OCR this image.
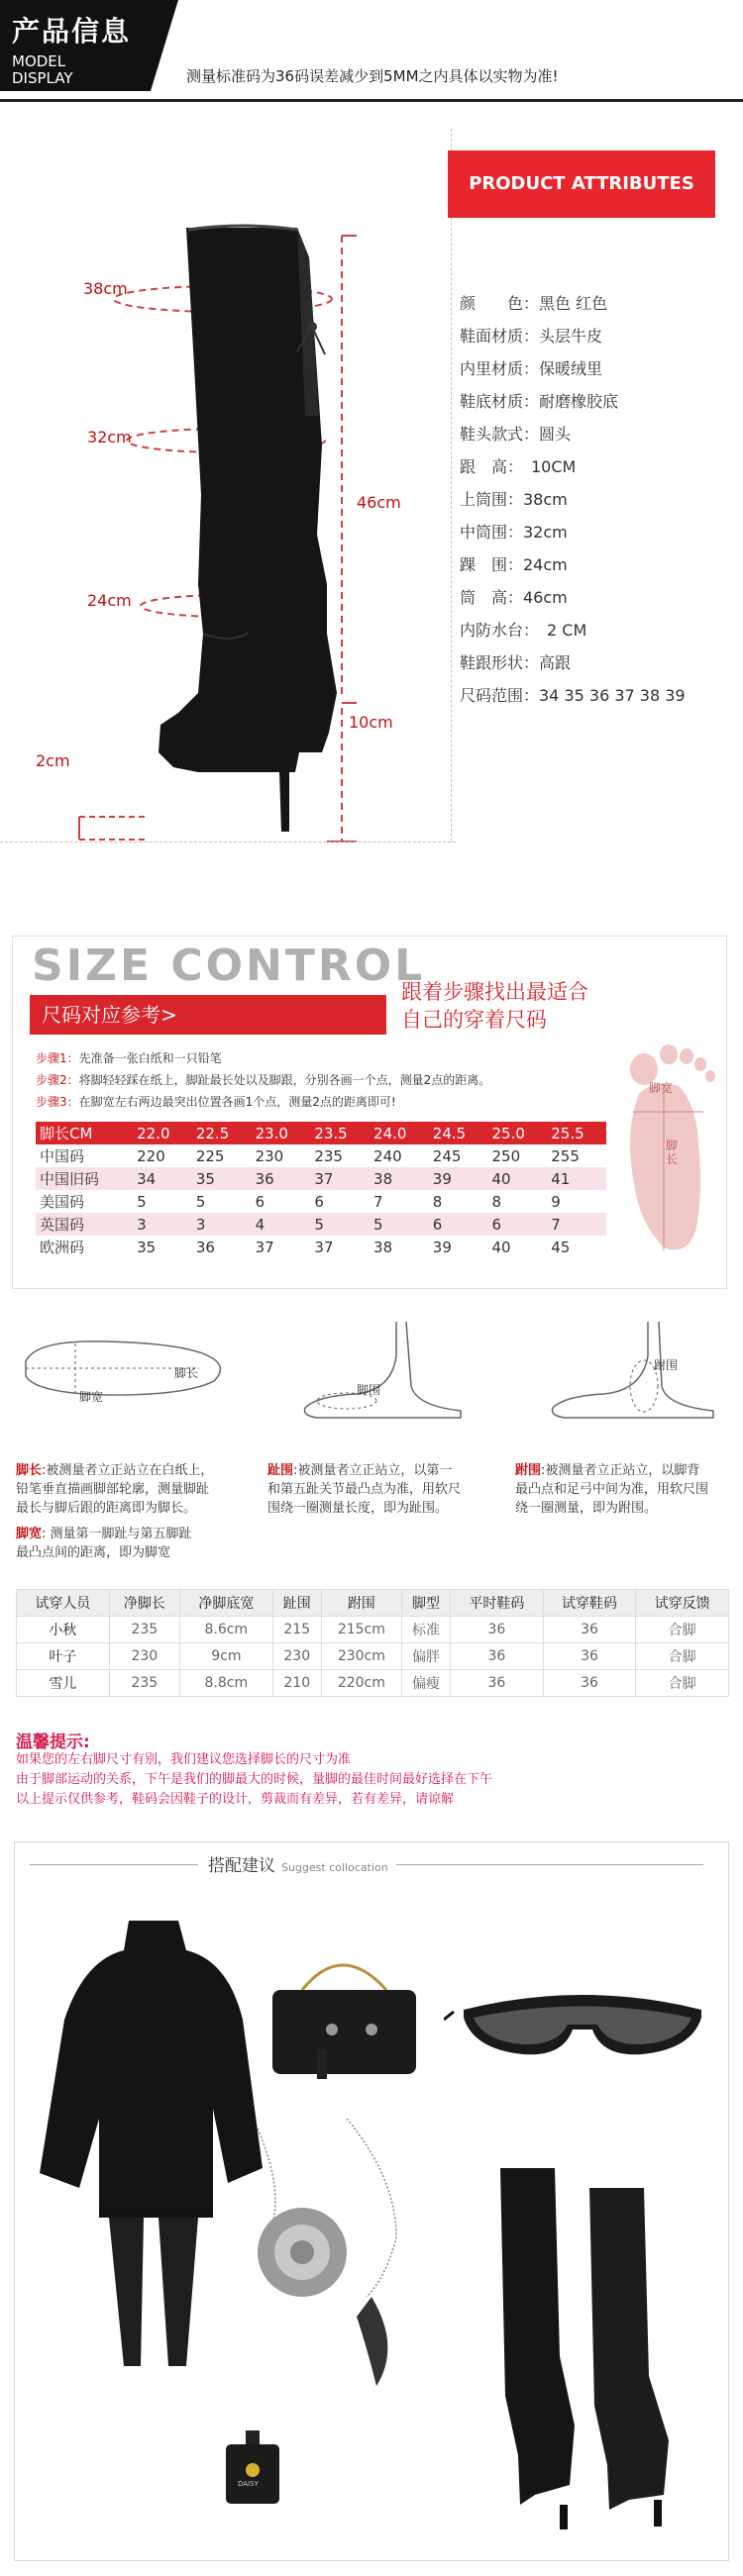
产品信息
MODEL
DISPLAY	测量标准码为36码误差减少到5MM之内具体以实物为准!
38cm
32cm
24cm
46cm
10cm
2cm
PRODUCT ATTRIBUTES
颜　　色：黑色 红色
鞋面材质：头层牛皮
内里材质：保暖绒里
鞋底材质：耐磨橡胶底
鞋头款式：圆头
跟　高：　10CM
上筒围：38cm
中筒围：32cm
踝　围：24cm
筒　高：46cm
内防水台：　2 CM
鞋跟形状：高跟
尺码范围：34 35 36 37 38 39
SIZE CONTROL
尺码对应参考>
跟着步骤找出最适合
自己的穿着尺码
步骤1：先准备一张白纸和一只铅笔
步骤2：将脚轻轻踩在纸上，脚趾最长处以及脚跟，分别各画一个点，测量2点的距离。
步骤3：在脚宽左右两边最突出位置各画1个点，测量2点的距离即可!
脚长CM	22.0	22.5	23.0	23.5	24.0	24.5	25.0	25.5
中国码	220	225	230	235	240	245	250	255
中国旧码	34	35	36	37	38	39	40	41
美国码	5	5	6	6	7	8	8	9
英国码	3	3	4	5	5	6	6	7
欧洲码	35	36	37	37	38	39	40	45
脚宽
脚长
脚长
脚宽	脚围
跗围
脚长:被测量者立正站立在白纸上，
铅笔垂直描画脚部轮廓，测量脚趾
最长与脚后跟的距离即为脚长。
脚宽: 测量第一脚趾与第五脚趾
最凸点间的距离，即为脚宽
趾围:被测量者立正站立，以第一
和第五趾关节最凸点为准，用软尺
围绕一圈测量长度，即为趾围。
跗围:被测量者立正站立，以脚背
最凸点和足弓中间为准，用软尺围
绕一圈测量，即为跗围。
试穿人员	净脚长	净脚底宽	趾围	跗围	脚型	平时鞋码	试穿鞋码	试穿反馈
小秋	235	8.6cm	215	215cm	标准	36	36	合脚
叶子	230	9cm	230	230cm	偏胖	36	36	合脚
雪儿	235	8.8cm	210	220cm	偏瘦	36	36	合脚
温馨提示:
如果您的左右脚尺寸有别，我们建议您选择脚长的尺寸为准
由于脚部运动的关系，下午是我们的脚最大的时候，量脚的最佳时间最好选择在下午
以上提示仅供参考，鞋码会因鞋子的设计，剪裁而有差异，若有差异，请谅解
搭配建议 Suggest collocation
DAISY
